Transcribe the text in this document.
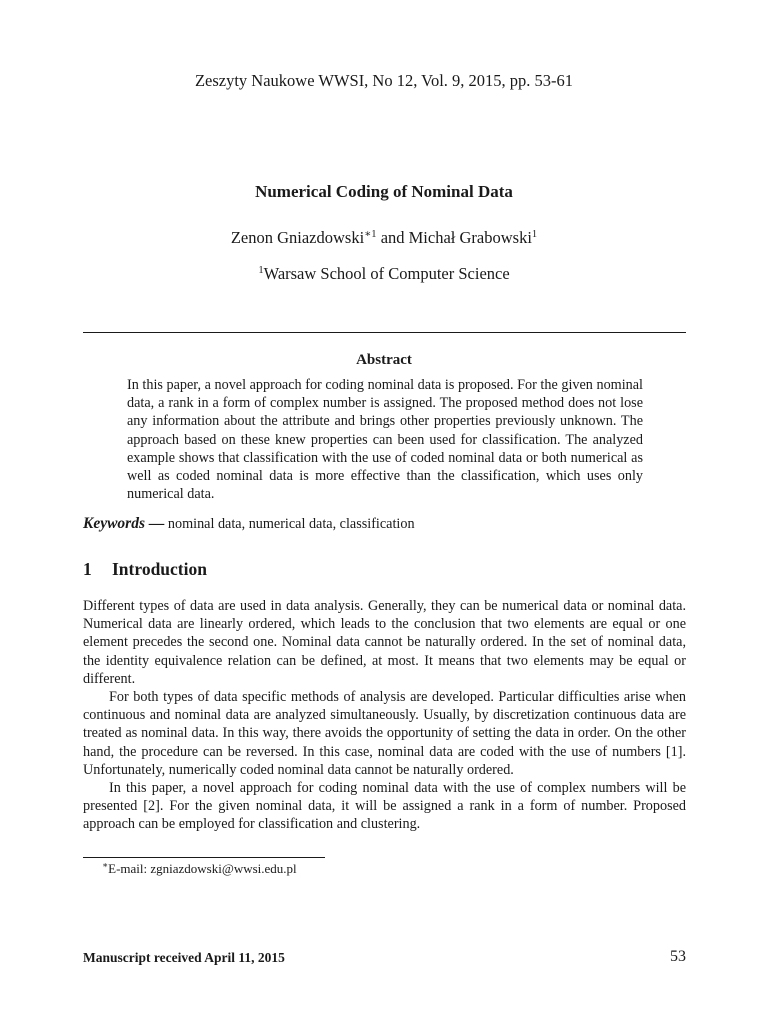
Zeszyty Naukowe WWSI, No 12, Vol. 9, 2015, pp. 53-61
Numerical Coding of Nominal Data
Zenon Gniazdowski$^{∗1}$ and Michał Grabowski$^1$
$^1$Warsaw School of Computer Science
Abstract
In this paper, a novel approach for coding nominal data is proposed. For the given nominal data, a rank in a form of complex number is assigned. The proposed method does not lose any information about the attribute and brings other properties previously unknown. The approach based on these knew properties can been used for classification. The analyzed example shows that classification with the use of coded nominal data or both numerical as well as coded nominal data is more effective than the classification, which uses only numerical data.
Keywords — nominal data, numerical data, classification
1 Introduction

Different types of data are used in data analysis. Generally, they can be numerical data or nominal data. Numerical data are linearly ordered, which leads to the conclusion that two elements are equal or one element precedes the second one. Nominal data cannot be naturally ordered. In the set of nominal data, the identity equivalence relation can be defined, at most. It means that two elements may be equal or different.

For both types of data specific methods of analysis are developed. Particular difficulties arise when continuous and nominal data are analyzed simultaneously. Usually, by discretization continuous data are treated as nominal data. In this way, there avoids the opportunity of setting the data in order. On the other hand, the procedure can be reversed. In this case, nominal data are coded with the use of numbers [1]. Unfortunately, numerically coded nominal data cannot be naturally ordered.

In this paper, a novel approach for coding nominal data with the use of complex numbers will be presented [2]. For the given nominal data, it will be assigned a rank in a form of number. Proposed approach can be employed for classification and clustering.

∗E-mail: zgniazdowski@wwsi.edu.pl
Manuscript received April 11, 2015	53
